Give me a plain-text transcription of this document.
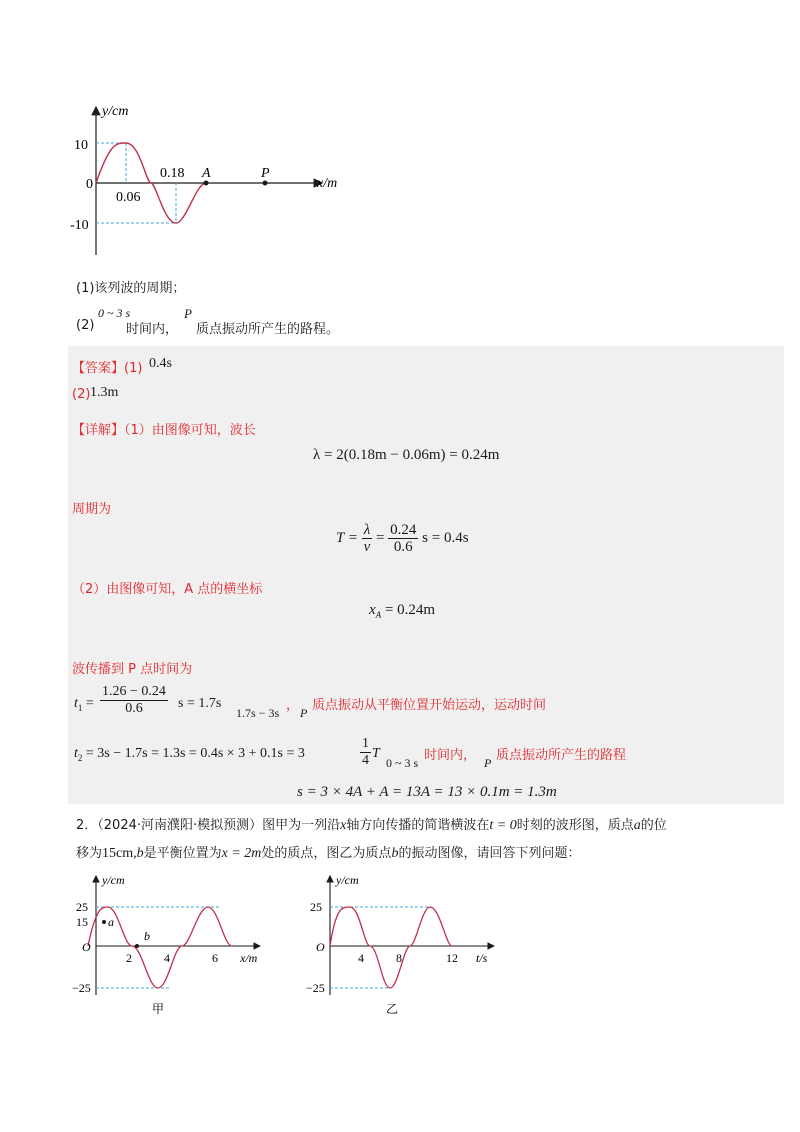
y/cm
x/m
10
-10
0
0.06
0.18 A	P
(1)该列波的周期；
(2)
0 ~ 3 s
时间内，
P
质点振动所产生的路程。
【答案】(1) 0.4s
(2) 1.3m
【详解】（1）由图像可知，波长
λ = 2(0.18m − 0.06m) = 0.24m
周期为
$T = \frac{\lambda}{v} = \frac{0.24}{0.6}$ s = 0.4s
（2）由图像可知，A 点的横坐标
$x_A = 0.24m$
波传播到 P 点时间为
$t_1 = \frac{1.26 - 0.24}{0.6}$ s = 1.7s
1.7s − 3s ， P 质点振动从平衡位置开始运动，运动时间
$t_2 = 3s - 1.7s = 1.3s = 0.4s \times 3 + 0.1s = 3$	$\frac{1}{4}$ T
0 ~ 3 s 时间内， P 质点振动所产生的路程
s = 3 × 4A + A = 13A = 13 × 0.1m = 1.3m
2．（2024·河南濮阳·模拟预测）图甲为一列沿x轴方向传播的简谐横波在t = 0时刻的波形图，质点a的位
移为15cm,b是平衡位置为x = 2m处的质点，图乙为质点b的振动图像，请回答下列问题：
y/cm
x/m
25
15 a
O
b
2	4	6
−25
甲
y/cm
t/s
25
O
4	8	12
−25
乙
